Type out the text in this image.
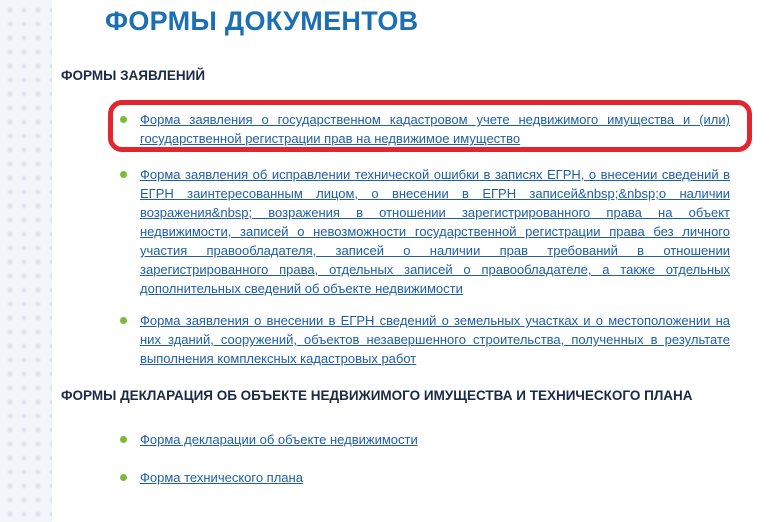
ФОРМЫ ДОКУМЕНТОВ
ФОРМЫ ЗАЯВЛЕНИЙ
Форма заявления о государственном кадастровом учете недвижимого имущества и (или) государственной регистрации прав на недвижимое имущество
Форма заявления об исправлении технической ошибки в записях ЕГРН, о внесении сведений в ЕГРН заинтересованным лицом, о внесении в ЕГРН записей&nbsp;&nbsp;о наличии возражения&nbsp; возражения в отношении зарегистрированного права на объект недвижимости, записей о невозможности государственной регистрации права без личного участия правообладателя, записей о наличии прав требований в отношении зарегистрированного права, отдельных записей о правообладателе, а также отдельных дополнительных сведений об объекте недвижимости
Форма заявления о внесении в ЕГРН сведений о земельных участках и о местоположении на них зданий, сооружений, объектов незавершенного строительства, полученных в результате выполнения комплексных кадастровых работ
ФОРМЫ ДЕКЛАРАЦИЯ ОБ ОБЪЕКТЕ НЕДВИЖИМОГО ИМУЩЕСТВА И ТЕХНИЧЕСКОГО ПЛАНА
Форма декларации об объекте недвижимости
Форма технического плана
